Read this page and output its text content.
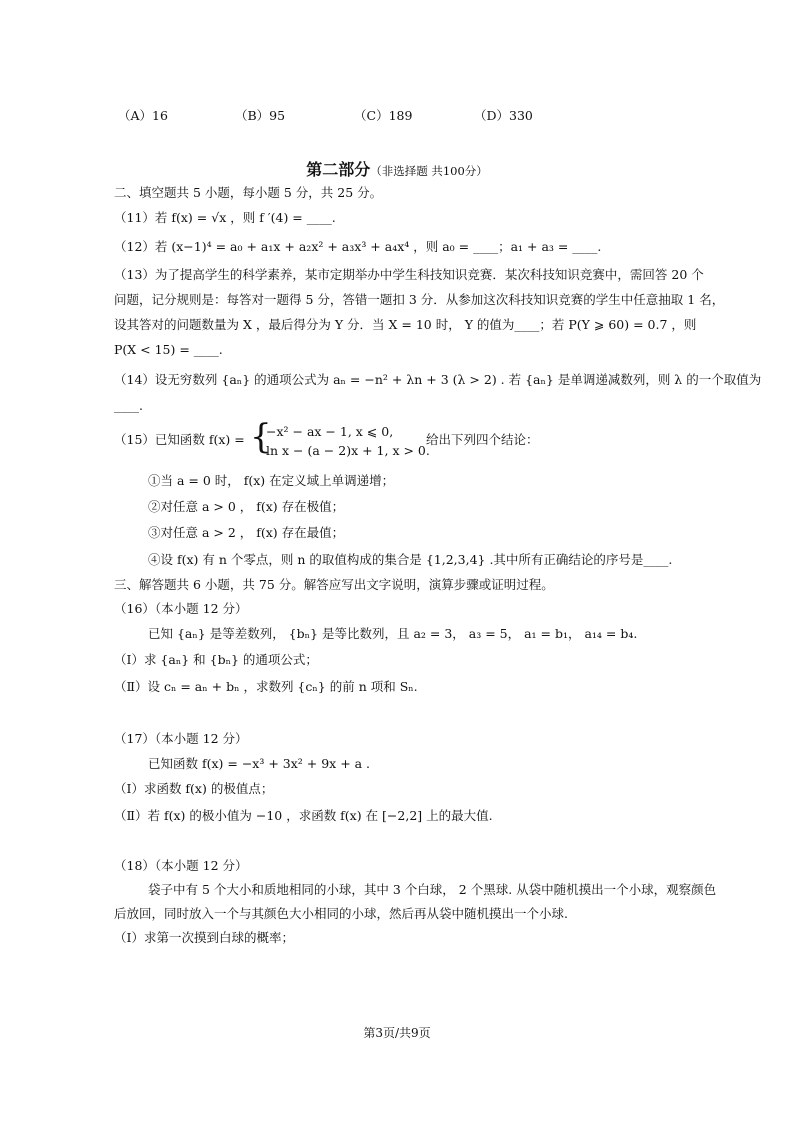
（A）16	（B）95	（C）189	（D）330
第二部分（非选择题 共100分）
二、填空题共 5 小题，每小题 5 分，共 25 分。
（11）若 f(x) = √x ，则 f ′(4) = ____.
（12）若 (x−1)⁴ = a₀ + a₁x + a₂x² + a₃x³ + a₄x⁴ ，则 a₀ = ____；a₁ + a₃ = ____.
（13）为了提高学生的科学素养，某市定期举办中学生科技知识竞赛．某次科技知识竞赛中，需回答 20 个
问题，记分规则是：每答对一题得 5 分，答错一题扣 3 分．从参加这次科技知识竞赛的学生中任意抽取 1 名，
设其答对的问题数量为 X ，最后得分为 Y 分．当 X = 10 时， Y 的值为____；若 P(Y ⩾ 60) = 0.7 ，则
P(X < 15) = ____.
（14）设无穷数列 {aₙ} 的通项公式为 aₙ = −n² + λn + 3 (λ > 2) . 若 {aₙ} 是单调递减数列，则 λ 的一个取值为
____.
（15）已知函数 f(x) = {
−x² − ax − 1, x ⩽ 0,
ln x − (a − 2)x + 1, x > 0.
给出下列四个结论：
①当 a = 0 时， f(x) 在定义域上单调递增；
②对任意 a > 0 ， f(x) 存在极值；
③对任意 a > 2 ， f(x) 存在最值；
④设 f(x) 有 n 个零点，则 n 的取值构成的集合是 {1,2,3,4} .其中所有正确结论的序号是____.
三、解答题共 6 小题，共 75 分。解答应写出文字说明，演算步骤或证明过程。
（16）（本小题 12 分）
已知 {aₙ} 是等差数列， {bₙ} 是等比数列，且 a₂ = 3， a₃ = 5， a₁ = b₁， a₁₄ = b₄.
（Ⅰ）求 {aₙ} 和 {bₙ} 的通项公式；
（Ⅱ）设 cₙ = aₙ + bₙ ，求数列 {cₙ} 的前 n 项和 Sₙ.
（17）（本小题 12 分）
已知函数 f(x) = −x³ + 3x² + 9x + a .
（Ⅰ）求函数 f(x) 的极值点；
（Ⅱ）若 f(x) 的极小值为 −10 ，求函数 f(x) 在 [−2,2] 上的最大值.
（18）（本小题 12 分）
袋子中有 5 个大小和质地相同的小球，其中 3 个白球， 2 个黑球. 从袋中随机摸出一个小球，观察颜色
后放回，同时放入一个与其颜色大小相同的小球，然后再从袋中随机摸出一个小球.
（Ⅰ）求第一次摸到白球的概率；
第3页/共9页
